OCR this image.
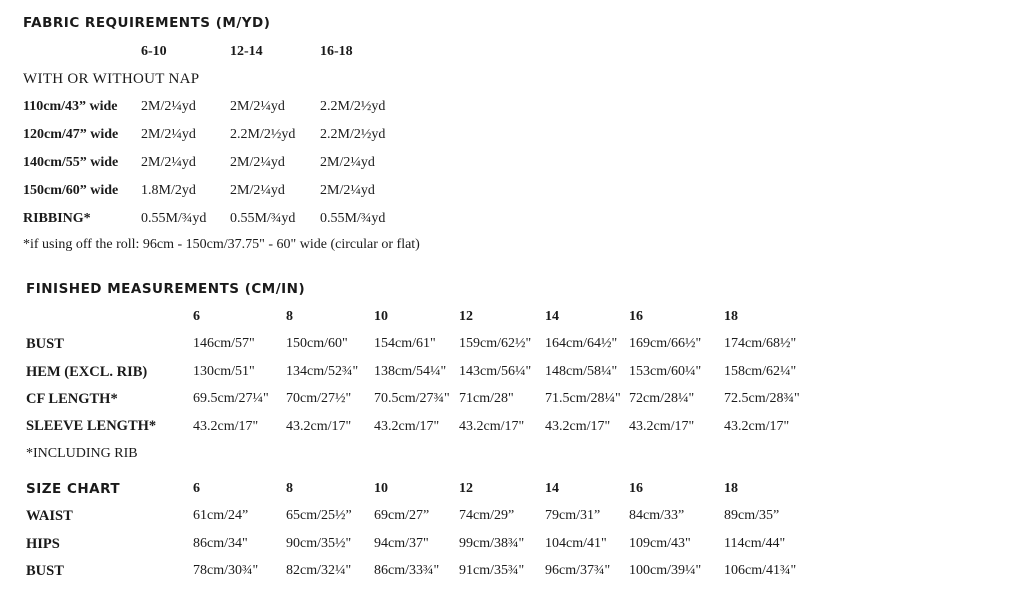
FABRIC REQUIREMENTS (M/YD)
6-10	12-14	16-18
WITH OR WITHOUT NAP
110cm/43” wide 2M/2¼yd 2M/2¼yd	2.2M/2½yd
120cm/47” wide 2M/2¼yd 2.2M/2½yd 2.2M/2½yd
140cm/55” wide 2M/2¼yd 2M/2¼yd	2M/2¼yd
150cm/60” wide 1.8M/2yd 2M/2¼yd	2M/2¼yd
RIBBING*	0.55M/¾yd 0.55M/¾yd 0.55M/¾yd
*if using off the roll: 96cm - 150cm/37.75" - 60" wide (circular or flat)
FINISHED MEASUREMENTS (CM/IN)
6	8	10	12	14	16	18
BUST	146cm/57" 150cm/60" 154cm/61" 159cm/62½" 164cm/64½" 169cm/66½" 174cm/68½"
HEM (EXCL. RIB)	130cm/51" 134cm/52¾" 138cm/54¼" 143cm/56¼" 148cm/58¼" 153cm/60¼" 158cm/62¼"
CF LENGTH*	69.5cm/27¼" 70cm/27½" 70.5cm/27¾" 71cm/28" 71.5cm/28¼" 72cm/28¼" 72.5cm/28¾"
SLEEVE LENGTH*	43.2cm/17" 43.2cm/17" 43.2cm/17" 43.2cm/17" 43.2cm/17" 43.2cm/17" 43.2cm/17"
*INCLUDING RIB
SIZE CHART	6	8	10	12	14	16	18
WAIST	61cm/24”	65cm/25½” 69cm/27” 74cm/29” 79cm/31” 84cm/33”	89cm/35”
HIPS	86cm/34"	90cm/35½" 94cm/37" 99cm/38¾" 104cm/41" 109cm/43" 114cm/44"
BUST	78cm/30¾" 82cm/32¼" 86cm/33¾" 91cm/35¾" 96cm/37¾" 100cm/39¼" 106cm/41¾"
